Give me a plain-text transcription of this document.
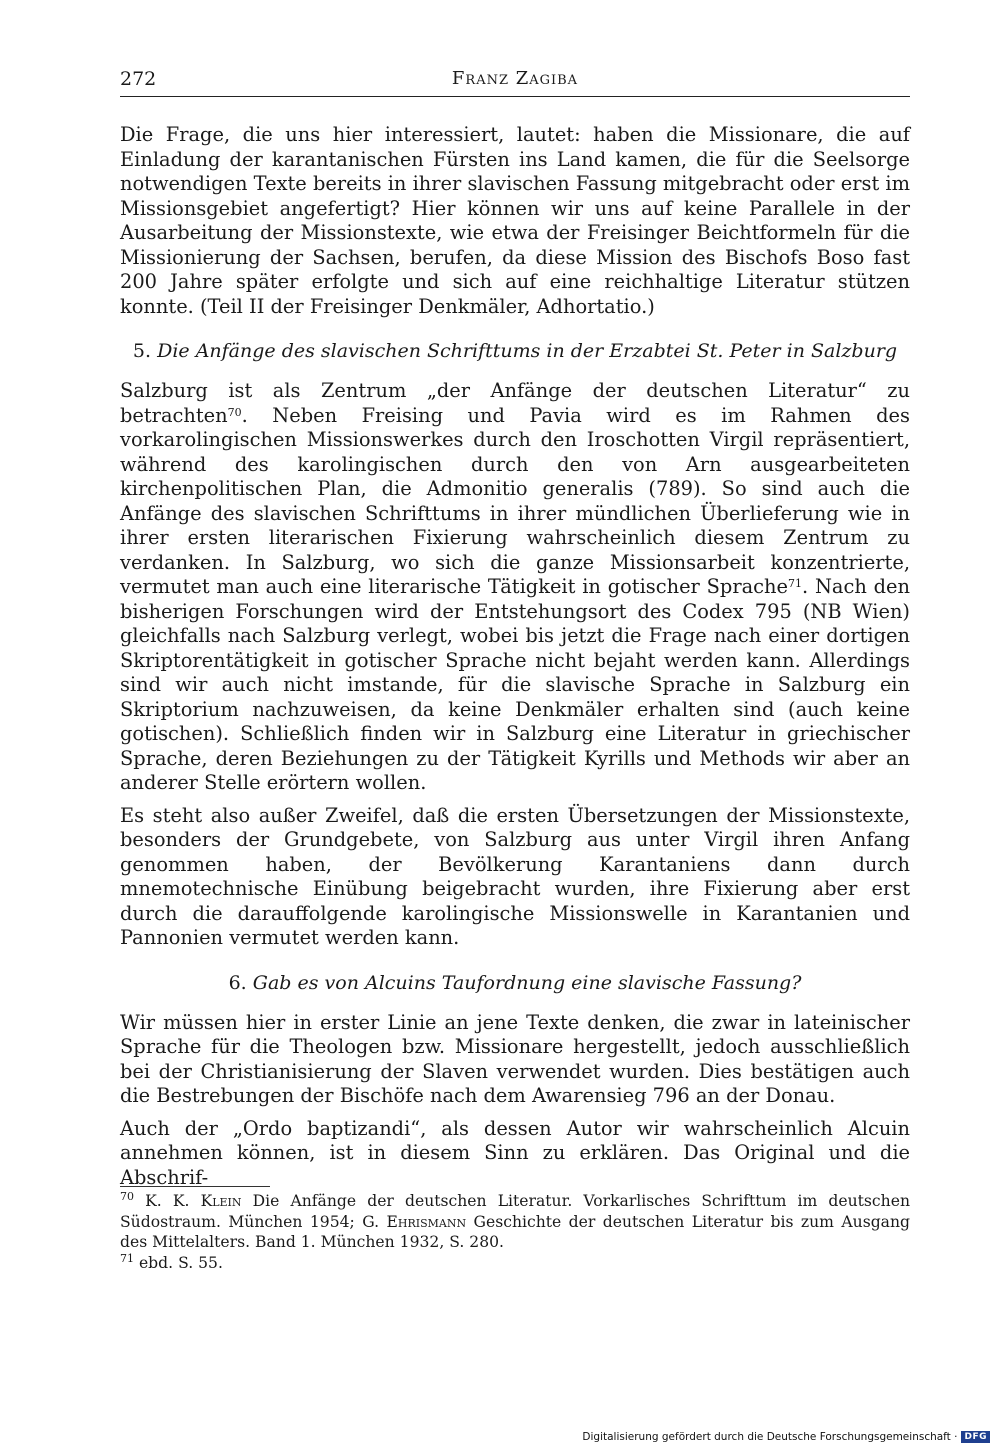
272	Franz Zagiba

Die Frage, die uns hier interessiert, lautet: haben die Missionare, die auf Einladung der karantanischen Fürsten ins Land kamen, die für die Seelsorge notwendigen Texte bereits in ihrer slavischen Fassung mitgebracht oder erst im Missionsgebiet angefertigt? Hier können wir uns auf keine Parallele in der Ausarbeitung der Missionstexte, wie etwa der Freisinger Beichtformeln für die Missionierung der Sachsen, berufen, da diese Mission des Bischofs Boso fast 200 Jahre später erfolgte und sich auf eine reichhaltige Literatur stützen konnte. (Teil II der Freisinger Denkmäler, Adhortatio.)

5. Die Anfänge des slavischen Schrifttums in der Erzabtei St. Peter in Salzburg

Salzburg ist als Zentrum „der Anfänge der deutschen Literatur“ zu betrachten$^{70}$. Neben Freising und Pavia wird es im Rahmen des vorkarolingischen Missionswerkes durch den Iroschotten Virgil repräsentiert, während des karolingischen durch den von Arn ausgearbeiteten kirchenpolitischen Plan, die Admonitio generalis (789). So sind auch die Anfänge des slavischen Schrifttums in ihrer mündlichen Überlieferung wie in ihrer ersten literarischen Fixierung wahrscheinlich diesem Zentrum zu verdanken. In Salzburg, wo sich die ganze Missionsarbeit konzentrierte, vermutet man auch eine literarische Tätigkeit in gotischer Sprache$^{71}$. Nach den bisherigen Forschungen wird der Entstehungsort des Codex 795 (NB Wien) gleichfalls nach Salzburg verlegt, wobei bis jetzt die Frage nach einer dortigen Skriptorentätigkeit in gotischer Sprache nicht bejaht werden kann. Allerdings sind wir auch nicht imstande, für die slavische Sprache in Salzburg ein Skriptorium nachzuweisen, da keine Denkmäler erhalten sind (auch keine gotischen). Schließlich finden wir in Salzburg eine Literatur in griechischer Sprache, deren Beziehungen zu der Tätigkeit Kyrills und Methods wir aber an anderer Stelle erörtern wollen.

Es steht also außer Zweifel, daß die ersten Übersetzungen der Missionstexte, besonders der Grundgebete, von Salzburg aus unter Virgil ihren Anfang genommen haben, der Bevölkerung Karantaniens dann durch mnemotechnische Einübung beigebracht wurden, ihre Fixierung aber erst durch die darauffolgende karolingische Missionswelle in Karantanien und Pannonien vermutet werden kann.

6. Gab es von Alcuins Taufordnung eine slavische Fassung?

Wir müssen hier in erster Linie an jene Texte denken, die zwar in lateinischer Sprache für die Theologen bzw. Missionare hergestellt, jedoch ausschließlich bei der Christianisierung der Slaven verwendet wurden. Dies bestätigen auch die Bestrebungen der Bischöfe nach dem Awarensieg 796 an der Donau.

Auch der „Ordo baptizandi“, als dessen Autor wir wahrscheinlich Alcuin annehmen können, ist in diesem Sinn zu erklären. Das Original und die Abschrif-

$^{70}$ K. K. Klein Die Anfänge der deutschen Literatur. Vorkarlisches Schrifttum im deutschen Südostraum. München 1954; G. Ehrismann Geschichte der deutschen Literatur bis zum Ausgang des Mittelalters. Band 1. München 1932, S. 280.

$^{71}$ ebd. S. 55.

Digitalisierung gefördert durch die Deutsche Forschungsgemeinschaft · DFG
